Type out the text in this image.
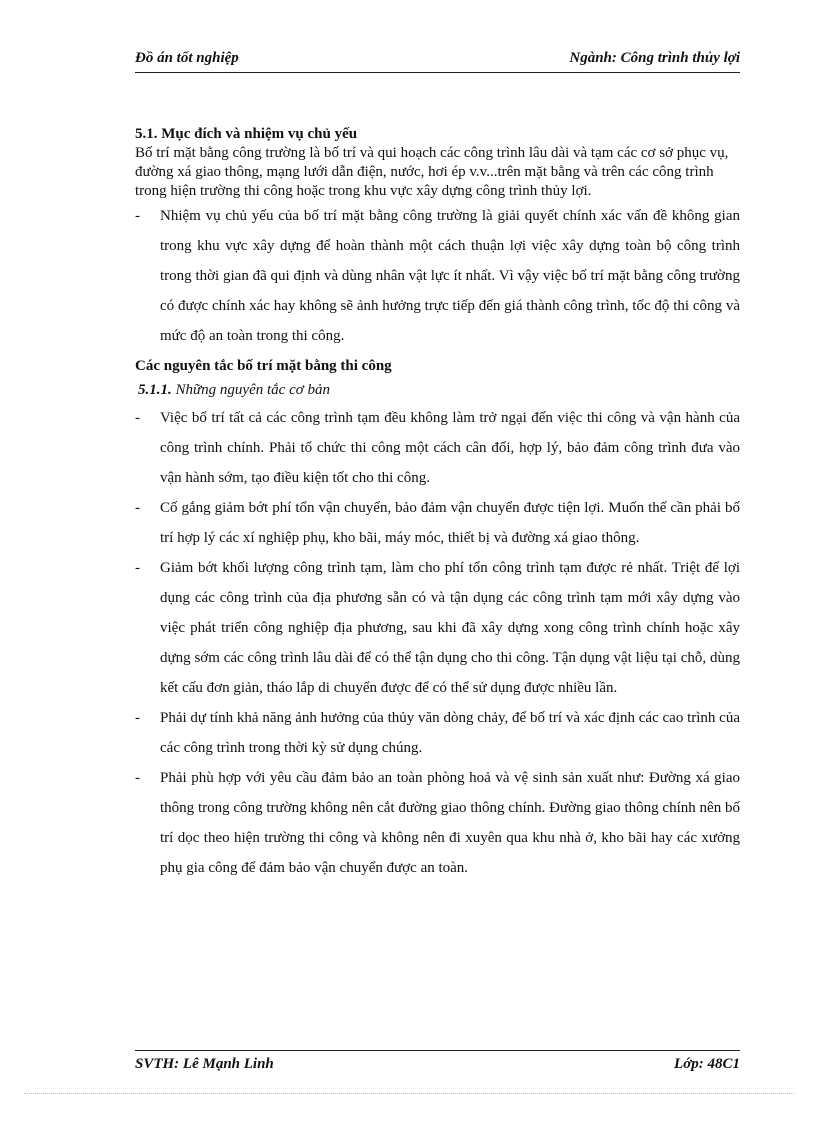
Đồ án tốt nghiệp	Ngành: Công trình thủy lợi

5.1. Mục đích và nhiệm vụ chủ yếu

Bố trí mặt bằng công trường là bố trí và qui hoạch các công trình lâu dài và tạm các cơ sở phục vụ, đường xá giao thông, mạng lưới dẫn điện, nước, hơi ép v.v...trên mặt bằng và trên các công trình trong hiện trường thi công hoặc trong khu vực xây dựng công trình thủy lợi.

- Nhiệm vụ chủ yếu của bố trí mặt bằng công trường là giải quyết chính xác vấn đề không gian trong khu vực xây dựng để hoàn thành một cách thuận lợi việc xây dựng toàn bộ công trình trong thời gian đã qui định và dùng nhân vật lực ít nhất. Vì vậy việc bố trí mặt bằng công trường có được chính xác hay không sẽ ảnh hưởng trực tiếp đến giá thành công trình, tốc độ thi công và mức độ an toàn trong thi công.

Các nguyên tắc bố trí mặt bằng thi công

5.1.1. Những nguyên tắc cơ bản

- Việc bố trí tất cả các công trình tạm đều không làm trở ngại đến việc thi công và vận hành của công trình chính. Phải tổ chức thi công một cách cân đối, hợp lý, bảo đảm công trình đưa vào vận hành sớm, tạo điều kiện tốt cho thi công.
- Cố gắng giảm bớt phí tổn vận chuyển, bảo đảm vận chuyển được tiện lợi. Muốn thế cần phải bố trí hợp lý các xí nghiệp phụ, kho bãi, máy móc, thiết bị và đường xá giao thông.
- Giảm bớt khối lượng công trình tạm, làm cho phí tổn công trình tạm được rẻ nhất. Triệt để lợi dụng các công trình của địa phương sẵn có và tận dụng các công trình tạm mới xây dựng vào việc phát triển công nghiệp địa phương, sau khi đã xây dựng xong công trình chính hoặc xây dựng sớm các công trình lâu dài để có thể tận dụng cho thi công. Tận dụng vật liệu tại chỗ, dùng kết cấu đơn giản, tháo lắp di chuyển được để có thể sử dụng được nhiều lần.
- Phải dự tính khả năng ảnh hưởng của thủy văn dòng chảy, để bố trí và xác định các cao trình của các công trình trong thời kỳ sử dụng chúng.
- Phải phù hợp với yêu cầu đảm bảo an toàn phòng hoả và vệ sinh sản xuất như: Đường xá giao thông trong công trường không nên cắt đường giao thông chính. Đường giao thông chính nên bố trí dọc theo hiện trường thi công và không nên đi xuyên qua khu nhà ở, kho bãi hay các xưởng phụ gia công để đảm bảo vận chuyển được an toàn.
SVTH: Lê Mạnh Linh	Lớp: 48C1
